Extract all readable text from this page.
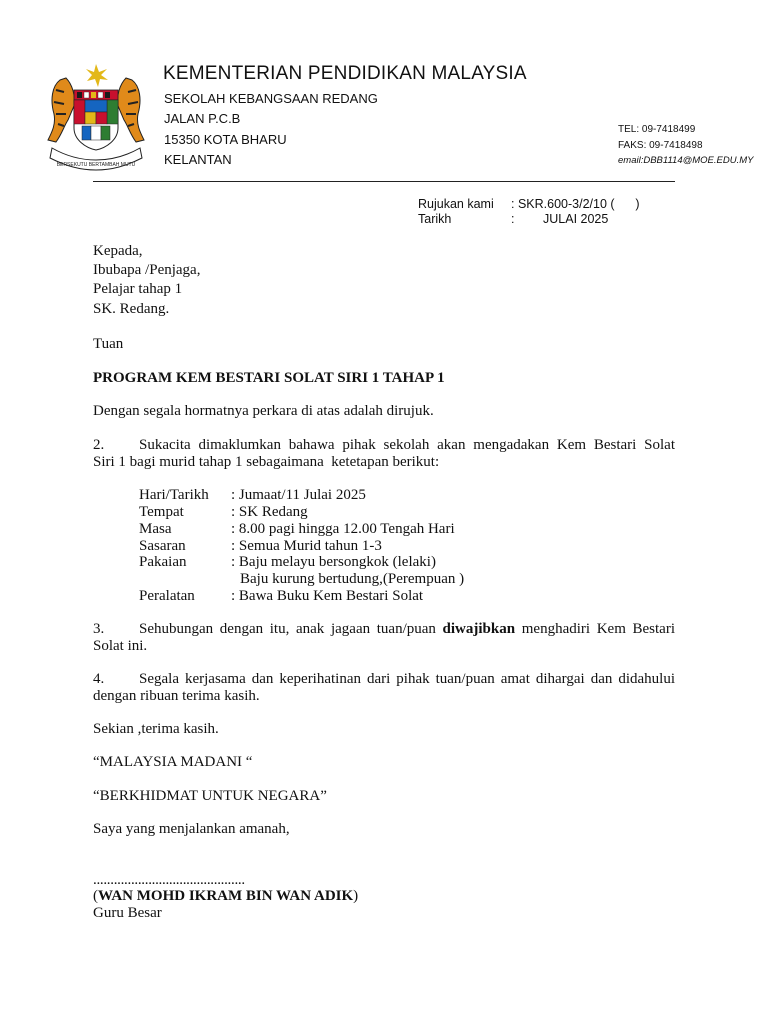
BERSEKUTU BERTAMBAH MUTU
KEMENTERIAN PENDIDIKAN MALAYSIA
SEKOLAH KEBANGSAAN REDANG
JALAN P.C.B
15350 KOTA BHARU
KELANTAN
TEL: 09-7418499
FAKS: 09-7418498
email:DBB1114@MOE.EDU.MY
Rujukan kami : SKR.600-3/2/10 (      )
Tarikh	: JULAI 2025
Kepada,
Ibubapa /Penjaga,
Pelajar tahap 1
SK. Redang.
Tuan
PROGRAM KEM BESTARI SOLAT SIRI 1 TAHAP 1
Dengan segala hormatnya perkara di atas adalah dirujuk.
2. Sukacita dimaklumkan bahawa pihak sekolah akan mengadakan Kem Bestari Solat
Siri 1 bagi murid tahap 1 sebagaimana  ketetapan berikut:
Hari/Tarikh : Jumaat/11 Julai 2025
Tempat	: SK Redang
Masa	: 8.00 pagi hingga 12.00 Tengah Hari
Sasaran	: Semua Murid tahun 1-3
Pakaian	: Baju melayu bersongkok (lelaki)
Baju kurung bertudung,(Perempuan )
Peralatan : Bawa Buku Kem Bestari Solat
3. Sehubungan dengan itu, anak jagaan tuan/puan diwajibkan menghadiri Kem Bestari
Solat ini.
4. Segala kerjasama dan keperihatinan dari pihak tuan/puan amat dihargai dan didahului
dengan ribuan terima kasih.
Sekian ,terima kasih.
“MALAYSIA MADANI “
“BERKHIDMAT UNTUK NEGARA”
Saya yang menjalankan amanah,
............................................
(WAN MOHD IKRAM BIN WAN ADIK)
Guru Besar
